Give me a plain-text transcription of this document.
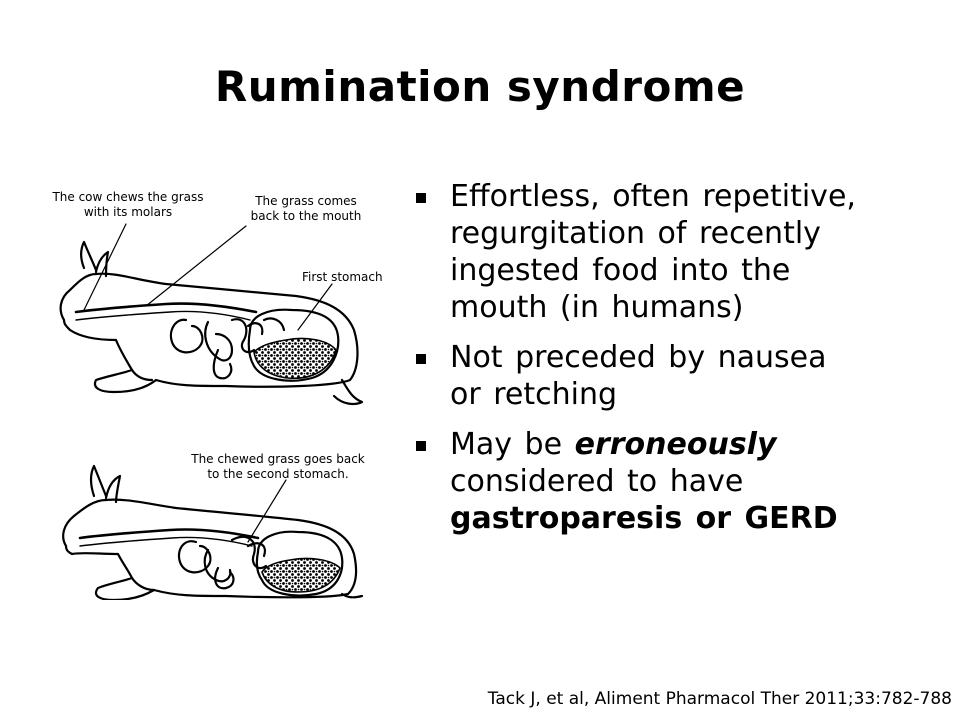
Rumination syndrome
The cow chews the grass
with its molars
The grass comes
back to the mouth
First stomach
The chewed grass goes back
to the second stomach.
Effortless, often repetitive,
regurgitation of recently
ingested food into the
mouth (in humans)
Not preceded by nausea
or retching
May be erroneously
considered to have
gastroparesis or GERD
Tack J, et al, Aliment Pharmacol Ther 2011;33:782-788
